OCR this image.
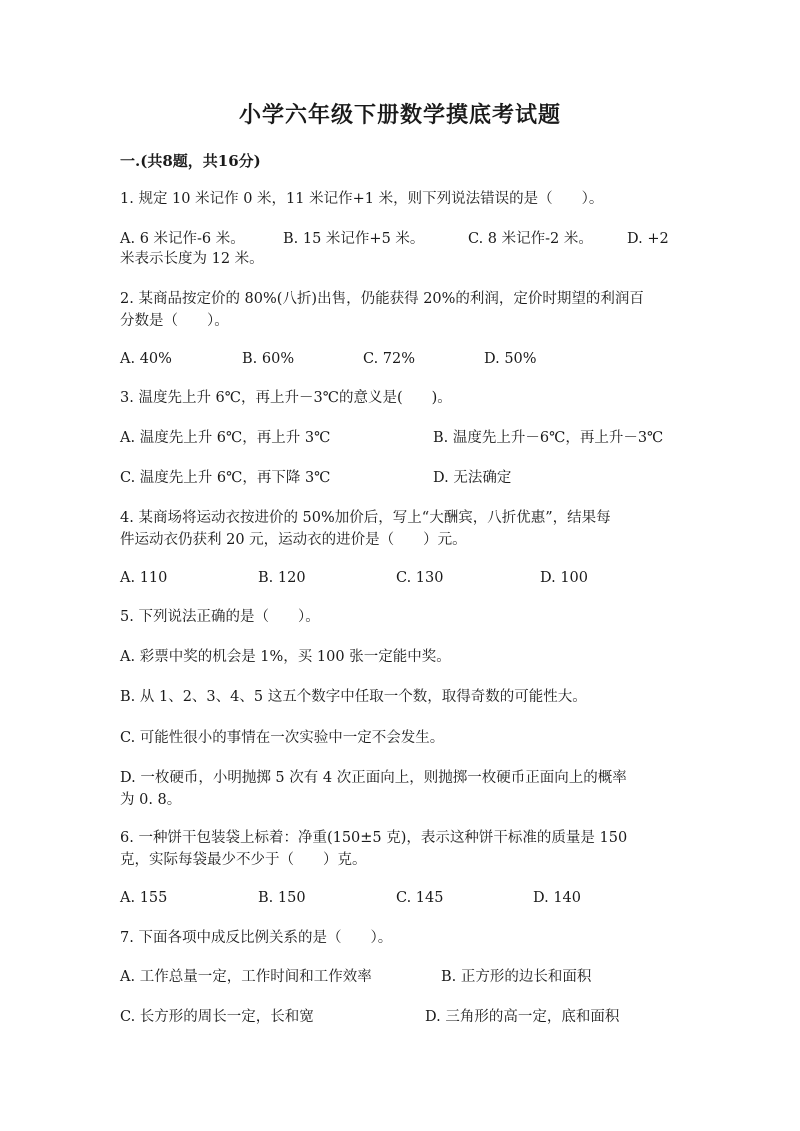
小学六年级下册数学摸底考试题
一.(共8题，共16分)
1. 规定 10 米记作 0 米，11 米记作+1 米，则下列说法错误的是（　　）。
A. 6 米记作-6 米。	B. 15 米记作+5 米。	C. 8 米记作-2 米。 D. +2
米表示长度为 12 米。
2. 某商品按定价的 80%(八折)出售，仍能获得 20%的利润，定价时期望的利润百
分数是（　　）。
A. 40%	B. 60%	C. 72%	D. 50%
3. 温度先上升 6℃，再上升－3℃的意义是(　　)。
A. 温度先上升 6℃，再上升 3℃	B. 温度先上升－6℃，再上升－3℃
C. 温度先上升 6℃，再下降 3℃	D. 无法确定
4. 某商场将运动衣按进价的 50%加价后，写上“大酬宾，八折优惠”，结果每
件运动衣仍获利 20 元，运动衣的进价是（　　）元。
A. 110	B. 120	C. 130	D. 100
5. 下列说法正确的是（　　）。
A. 彩票中奖的机会是 1%，买 100 张一定能中奖。
B. 从 1、2、3、4、5 这五个数字中任取一个数，取得奇数的可能性大。
C. 可能性很小的事情在一次实验中一定不会发生。
D. 一枚硬币，小明抛掷 5 次有 4 次正面向上，则抛掷一枚硬币正面向上的概率
为 0. 8。
6. 一种饼干包装袋上标着：净重(150±5 克)，表示这种饼干标准的质量是 150
克，实际每袋最少不少于（　　）克。
A. 155	B. 150	C. 145	D. 140
7. 下面各项中成反比例关系的是（　　）。
A. 工作总量一定，工作时间和工作效率	B. 正方形的边长和面积
C. 长方形的周长一定，长和宽	D. 三角形的高一定，底和面积
